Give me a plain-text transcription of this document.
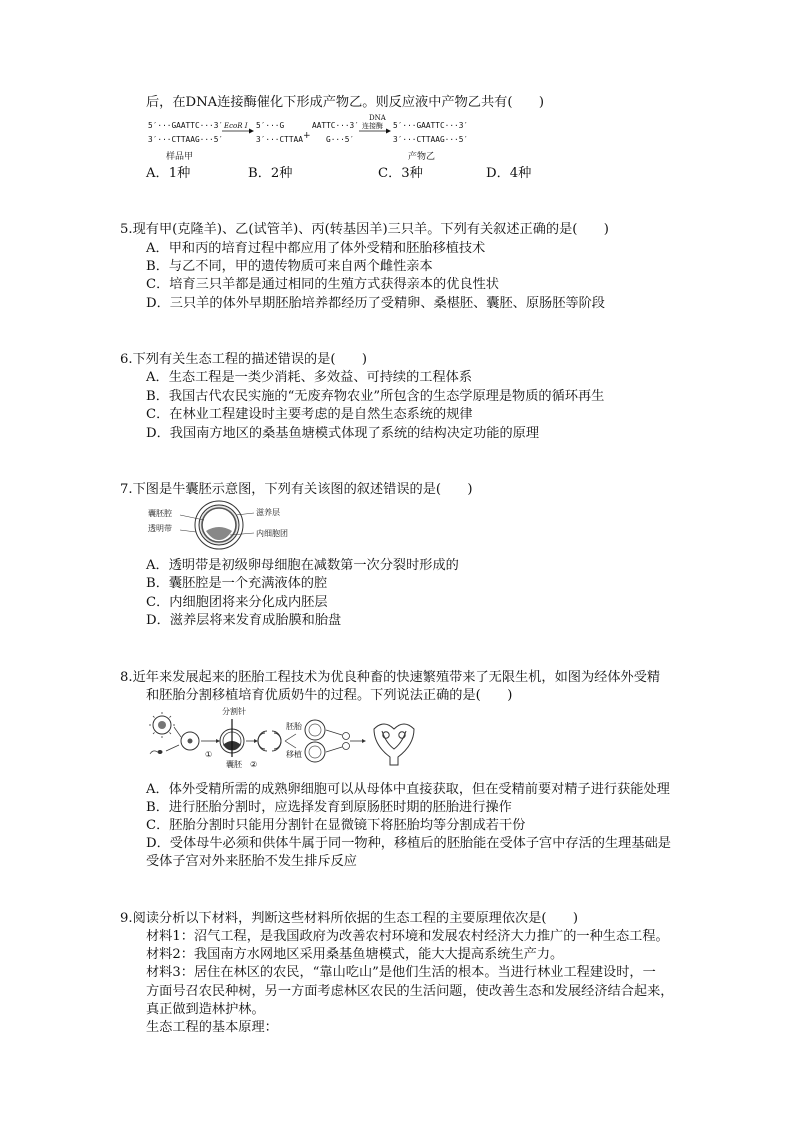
后，在DNA连接酶催化下形成产物乙。则反应液中产物乙共有(　　)
5′···GAATTC···3′
3′···CTTAAG···5′
样品甲
EcoR Ⅰ 5′···G
3′···CTTAA +
AATTC···3′
G···5′
DNA
连接酶 5′···GAATTC···3′
3′···CTTAAG···5′
产物乙
A．1种	B．2种	C．3种	D．4种
5.现有甲(克隆羊)、乙(试管羊)、丙(转基因羊)三只羊。下列有关叙述正确的是(　　)
A．甲和丙的培育过程中都应用了体外受精和胚胎移植技术
B．与乙不同，甲的遗传物质可来自两个雌性亲本
C．培育三只羊都是通过相同的生殖方式获得亲本的优良性状
D．三只羊的体外早期胚胎培养都经历了受精卵、桑椹胚、囊胚、原肠胚等阶段
6.下列有关生态工程的描述错误的是(　　)
A．生态工程是一类少消耗、多效益、可持续的工程体系
B．我国古代农民实施的“无废弃物农业”所包含的生态学原理是物质的循环再生
C．在林业工程建设时主要考虑的是自然生态系统的规律
D．我国南方地区的桑基鱼塘模式体现了系统的结构决定功能的原理
7.下图是牛囊胚示意图，下列有关该图的叙述错误的是(　　)
囊胚腔
透明带
滋养层
内细胞团
A．透明带是初级卵母细胞在减数第一次分裂时形成的
B．囊胚腔是一个充满液体的腔
C．内细胞团将来分化成内胚层
D．滋养层将来发育成胎膜和胎盘
8.近年来发展起来的胚胎工程技术为优良种畜的快速繁殖带来了无限生机，如图为经体外受精
和胚胎分割移植培育优质奶牛的过程。下列说法正确的是(　　)
①
分割针
囊胚 ②
胚胎
移植
A．体外受精所需的成熟卵细胞可以从母体中直接获取，但在受精前要对精子进行获能处理
B．进行胚胎分割时，应选择发育到原肠胚时期的胚胎进行操作
C．胚胎分割时只能用分割针在显微镜下将胚胎均等分割成若干份
D．受体母牛必须和供体牛属于同一物种，移植后的胚胎能在受体子宫中存活的生理基础是
受体子宫对外来胚胎不发生排斥反应
9.阅读分析以下材料，判断这些材料所依据的生态工程的主要原理依次是(　　)
材料1：沼气工程，是我国政府为改善农村环境和发展农村经济大力推广的一种生态工程。
材料2：我国南方水网地区采用桑基鱼塘模式，能大大提高系统生产力。
材料3：居住在林区的农民，“靠山吃山”是他们生活的根本。当进行林业工程建设时，一
方面号召农民种树，另一方面考虑林区农民的生活问题，使改善生态和发展经济结合起来，
真正做到造林护林。
生态工程的基本原理：
